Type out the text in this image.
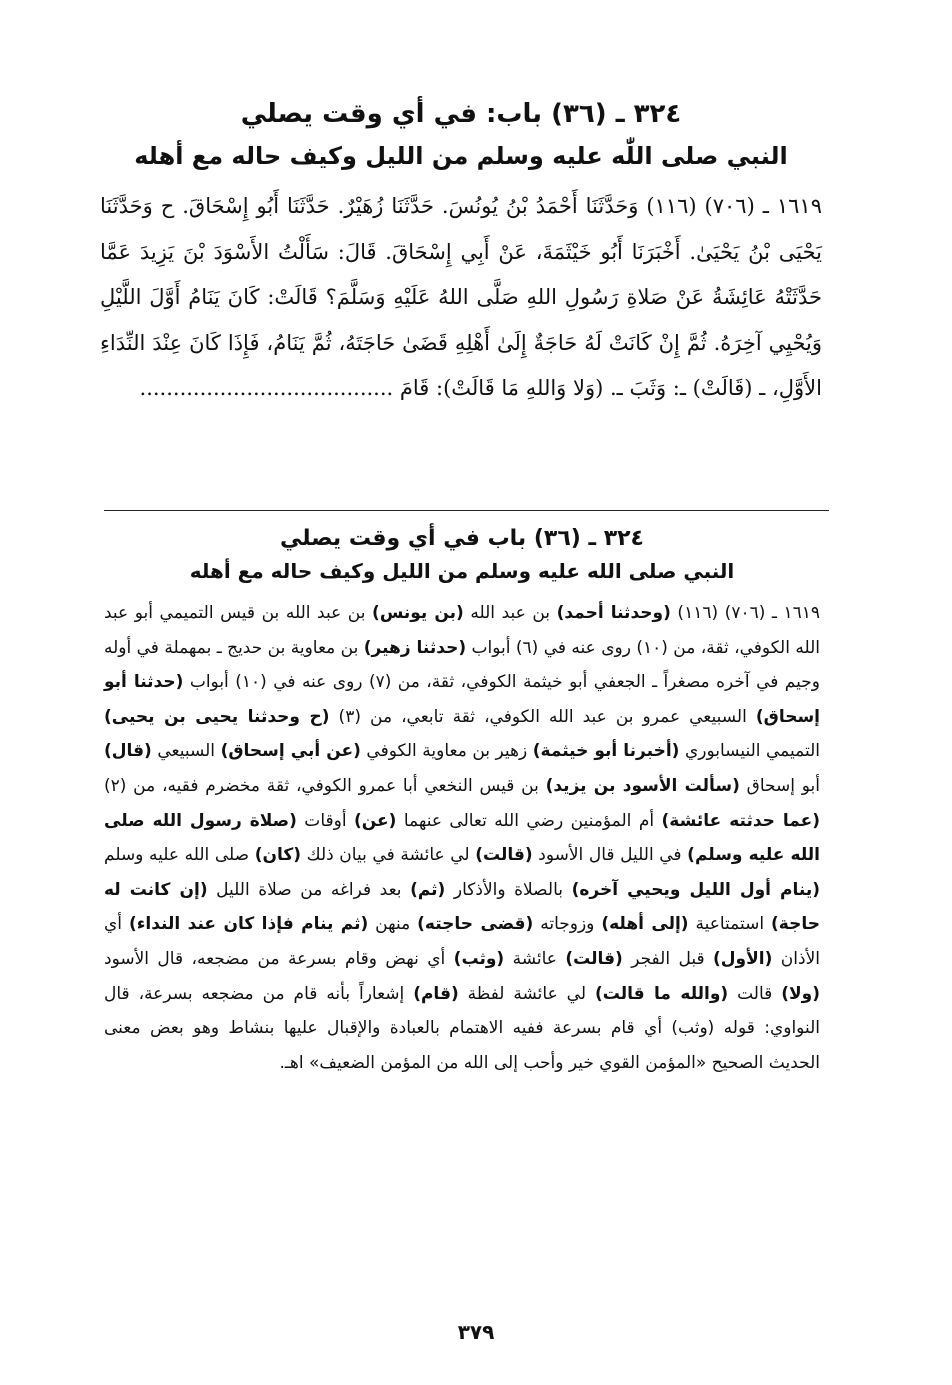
٣٢٤ ـ (٣٦) باب: في أي وقت يصلي

النبي صلى اللّٰه عليه وسلم من الليل وكيف حاله مع أهله

١٦١٩ ـ (٧٠٦) (١١٦) وَحَدَّثَنَا أَحْمَدُ بْنُ يُونُسَ. حَدَّثَنَا زُهَيْرٌ. حَدَّثَنَا أَبُو إِسْحَاقَ. ح وَحَدَّثَنَا يَحْيَى بْنُ يَحْيَىٰ. أَخْبَرَنَا أَبُو خَيْثَمَةَ، عَنْ أَبِي إِسْحَاقَ. قَالَ: سَأَلْتُ الأَسْوَدَ بْنَ يَزِيدَ عَمَّا حَدَّثَتْهُ عَائِشَةُ عَنْ صَلاةِ رَسُولِ اللهِ صَلَّى اللهُ عَلَيْهِ وَسَلَّمَ؟ قَالَتْ: كَانَ يَنَامُ أَوَّلَ اللَّيْلِ وَيُحْيِي آخِرَهُ. ثُمَّ إِنْ كَانَتْ لَهُ حَاجَةٌ إِلَىٰ أَهْلِهِ قَضَىٰ حَاجَتَهُ، ثُمَّ يَنَامُ، فَإِذَا كَانَ عِنْدَ النِّدَاءِ الأَوَّلِ، ـ (قَالَتْ) ـ: وَثَبَ ـ. (وَلا وَاللهِ مَا قَالَتْ): قَامَ ......................................

٣٢٤ ـ (٣٦) باب في أي وقت يصلي

النبي صلى الله عليه وسلم من الليل وكيف حاله مع أهله

١٦١٩ ـ (٧٠٦) (١١٦) (وحدثنا أحمد) بن عبد الله (بن يونس) بن عبد الله بن قيس التميمي أبو عبد الله الكوفي، ثقة، من (١٠) روى عنه في (٦) أبواب (حدثنا زهير) بن معاوية بن حديج ـ بمهملة في أوله وجيم في آخره مصغراً ـ الجعفي أبو خيثمة الكوفي، ثقة، من (٧) روى عنه في (١٠) أبواب (حدثنا أبو إسحاق) السبيعي عمرو بن عبد الله الكوفي، ثقة تابعي، من (٣) (ح وحدثنا يحيى بن يحيى) التميمي النيسابوري (أخبرنا أبو خيثمة) زهير بن معاوية الكوفي (عن أبي إسحاق) السبيعي (قال) أبو إسحاق (سألت الأسود بن يزيد) بن قيس النخعي أبا عمرو الكوفي، ثقة مخضرم فقيه، من (٢) (عما حدثته عائشة) أم المؤمنين رضي الله تعالى عنهما (عن) أوقات (صلاة رسول الله صلى الله عليه وسلم) في الليل قال الأسود (قالت) لي عائشة في بيان ذلك (كان) صلى الله عليه وسلم (ينام أول الليل ويحيي آخره) بالصلاة والأذكار (ثم) بعد فراغه من صلاة الليل (إن كانت له حاجة) استمتاعية (إلى أهله) وزوجاته (قضى حاجته) منهن (ثم ينام فإذا كان عند النداء) أي الأذان (الأول) قبل الفجر (قالت) عائشة (وثب) أي نهض وقام بسرعة من مضجعه، قال الأسود (ولا) قالت (والله ما قالت) لي عائشة لفظة (قام) إشعاراً بأنه قام من مضجعه بسرعة، قال النواوي: قوله (وثب) أي قام بسرعة ففيه الاهتمام بالعبادة والإقبال عليها بنشاط وهو بعض معنى الحديث الصحيح «المؤمن القوي خير وأحب إلى الله من المؤمن الضعيف» اهـ.

٣٧٩
